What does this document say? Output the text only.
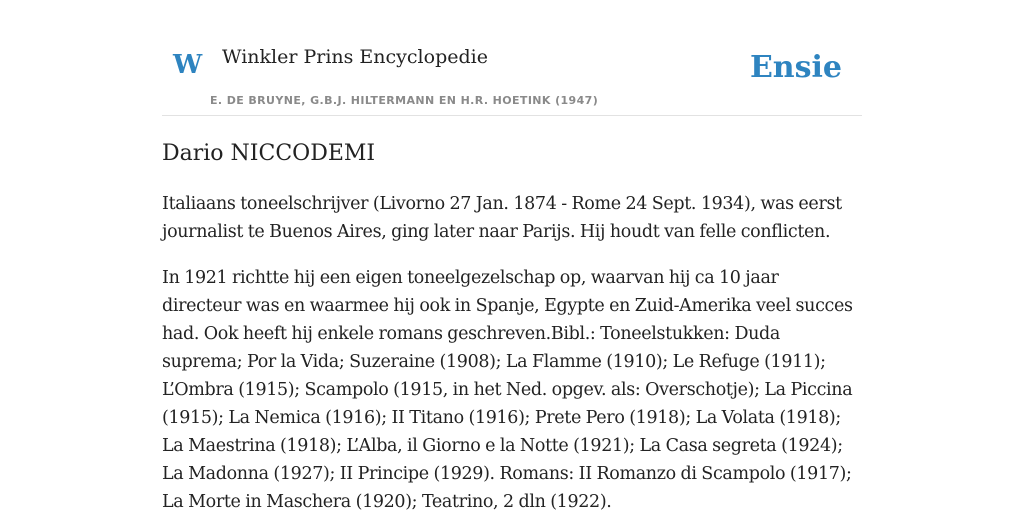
W Winkler Prins Encyclopedie
E. DE BRUYNE, G.B.J. HILTERMANN EN H.R. HOETINK (1947)
Ensie
Dario NICCODEMI

Italiaans toneelschrijver (Livorno 27 Jan. 1874 - Rome 24 Sept. 1934), was eerst journalist te Buenos Aires, ging later naar Parijs. Hij houdt van felle conflicten.

In 1921 richtte hij een eigen toneelgezelschap op, waarvan hij ca 10 jaar directeur was en waarmee hij ook in Spanje, Egypte en Zuid-Amerika veel succes had. Ook heeft hij enkele romans geschreven.Bibl.: Toneelstukken: Duda suprema; Por la Vida; Suzeraine (1908); La Flamme (1910); Le Refuge (1911); L’Ombra (1915); Scampolo (1915, in het Ned. opgev. als: Overschotje); La Piccina (1915); La Nemica (1916); II Titano (1916); Prete Pero (1918); La Volata (1918); La Maestrina (1918); L’Alba, il Giorno e la Notte (1921); La Casa segreta (1924); La Madonna (1927); II Principe (1929). Romans: II Romanzo di Scampolo (1917); La Morte in Maschera (1920); Teatrino, 2 dln (1922).
